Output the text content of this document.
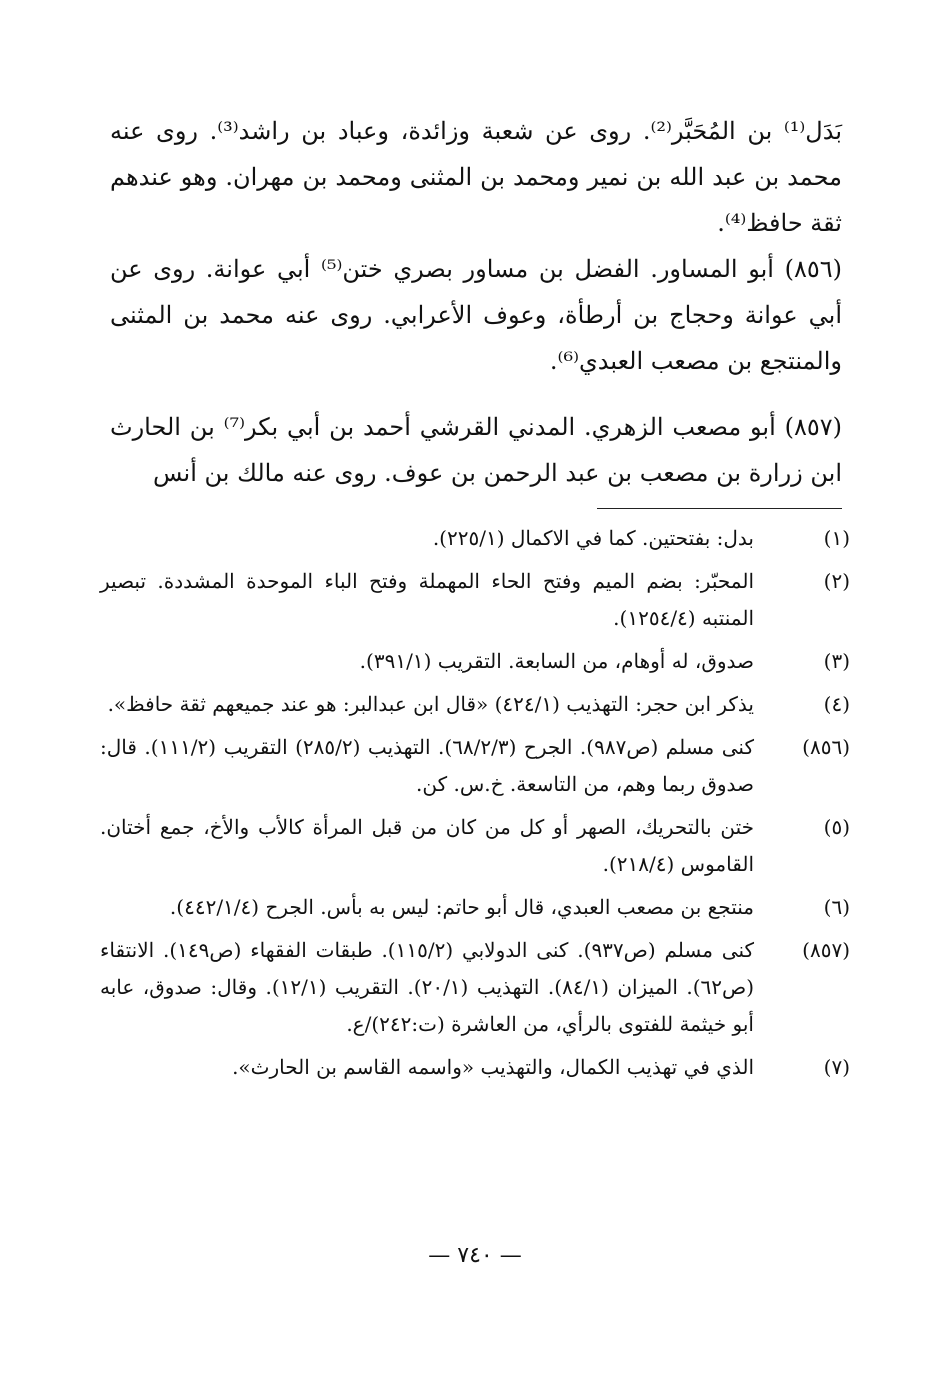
بَدَل⁽¹⁾ بن المُحَبَّر⁽²⁾. روى عن شعبة وزائدة، وعباد بن راشد⁽³⁾. روى عنه محمد بن عبد الله بن نمير ومحمد بن المثنى ومحمد بن مهران. وهو عندهم ثقة حافظ⁽⁴⁾.

(٨٥٦) أبو المساور. الفضل بن مساور بصري ختن⁽⁵⁾ أبي عوانة. روى عن أبي عوانة وحجاج بن أرطأة، وعوف الأعرابي. روى عنه محمد بن المثنى والمنتجع بن مصعب العبدي⁽⁶⁾.

(٨٥٧) أبو مصعب الزهري. المدني القرشي أحمد بن أبي بكر⁽⁷⁾ بن الحارث ابن زرارة بن مصعب بن عبد الرحمن بن عوف. روى عنه مالك بن أنس

(١)
بدل: بفتحتين. كما في الاكمال (٢٢٥/١).
(٢)
المحبّر: بضم الميم وفتح الحاء المهملة وفتح الباء الموحدة المشددة. تبصير المنتبه (١٢٥٤/٤).
(٣)
صدوق، له أوهام، من السابعة. التقريب (٣٩١/١).
(٤)
يذكر ابن حجر: التهذيب (٤٢٤/١) «قال ابن عبدالبر: هو عند جميعهم ثقة حافظ».
(٨٥٦)
كنى مسلم (ص٩٨٧). الجرح (٦٨/٢/٣). التهذيب (٢٨٥/٢) التقريب (١١١/٢). قال: صدوق ربما وهم، من التاسعة. خ.س. كن.
(٥)
ختن بالتحريك، الصهر أو كل من كان من قبل المرأة كالأب والأخ، جمع أختان. القاموس (٢١٨/٤).
(٦)
منتجع بن مصعب العبدي، قال أبو حاتم: ليس به بأس. الجرح (٤٤٢/١/٤).
(٨٥٧)
كنى مسلم (ص٩٣٧). كنى الدولابي (١١٥/٢). طبقات الفقهاء (ص١٤٩). الانتقاء (ص٦٢). الميزان (٨٤/١). التهذيب (٢٠/١). التقريب (١٢/١). وقال: صدوق، عابه أبو خيثمة للفتوى بالرأي، من العاشرة (ت:٢٤٢)/ع.
(٧)
الذي في تهذيب الكمال، والتهذيب «واسمه القاسم بن الحارث».
— ٧٤٠ —
